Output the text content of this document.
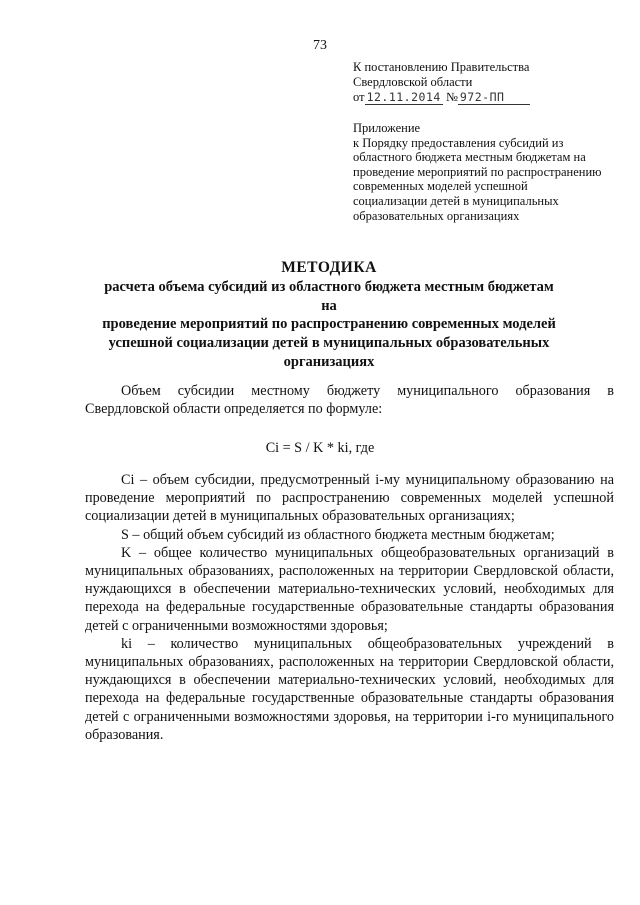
73
К постановлению Правительства
Свердловской области
от 12.11.2014 № 972-ПП
Приложение
к Порядку предоставления субсидий из
областного бюджета местным бюджетам на
проведение мероприятий по распространению
современных моделей успешной
социализации детей в муниципальных
образовательных организациях
МЕТОДИКА
расчета объема субсидий из областного бюджета местным бюджетам на
проведение мероприятий по распространению современных моделей
успешной социализации детей в муниципальных образовательных
организациях

Объем субсидии местному бюджету муниципального образования в Свердловской области определяется по формуле:

Ci = S / K * ki, где

Ci – объем субсидии, предусмотренный i-му муниципальному образованию на проведение мероприятий по распространению современных моделей успешной социализации детей в муниципальных образовательных организациях;

S – общий объем субсидий из областного бюджета местным бюджетам;

K – общее количество муниципальных общеобразовательных организаций в муниципальных образованиях, расположенных на территории Свердловской области, нуждающихся в обеспечении материально-технических условий, необходимых для перехода на федеральные государственные образовательные стандарты образования детей с ограниченными возможностями здоровья;

ki – количество муниципальных общеобразовательных учреждений в муниципальных образованиях, расположенных на территории Свердловской области, нуждающихся в обеспечении материально-технических условий, необходимых для перехода на федеральные государственные образовательные стандарты образования детей с ограниченными возможностями здоровья, на территории i-го муниципального образования.
